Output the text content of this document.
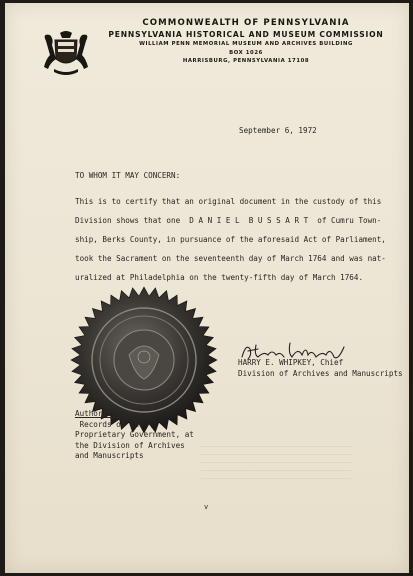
COMMONWEALTH OF PENNSYLVANIA
PENNSYLVANIA HISTORICAL AND MUSEUM COMMISSION
WILLIAM PENN MEMORIAL MUSEUM AND ARCHIVES BUILDING
BOX 1026
HARRISBURG, PENNSYLVANIA 17108
September 6, 1972
TO WHOM IT MAY CONCERN:
This is to certify that an original document in the custody of this
Division shows that one  D A N I E L  B U S S A R T  of Cumru Town-
ship, Berks County, in pursuance of the aforesaid Act of Parliament,
took the Sacrament on the seventeenth day of March 1764 and was nat-
uralized at Philadelphia on the twenty-fifth day of March 1764.
HARRY E. WHIPKEY, Chief
Division of Archives and Manuscripts
Authority:
Records of the
Proprietary Government, at
the Division of Archives
and Manuscripts
v
